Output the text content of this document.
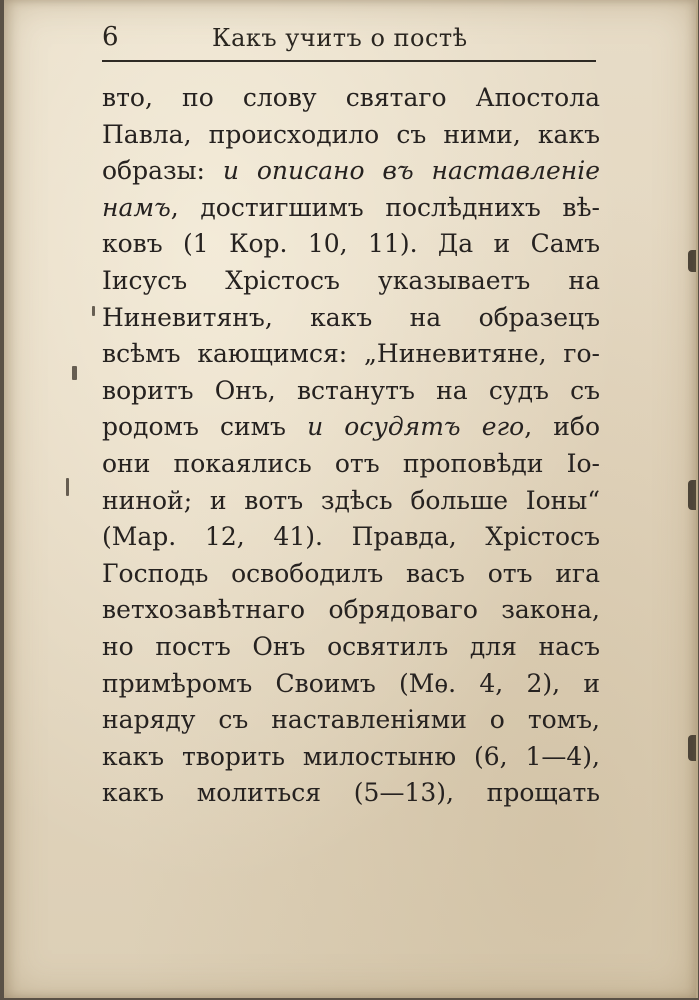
6	Какъ учитъ о постѣ
вто, по слову святаго Апостола
Павла, происходило съ ними, какъ
образы: и описано въ наставленіе
намъ, достигшимъ послѣднихъ вѣ-
ковъ (1 Кор. 10, 11). Да и Самъ
Іисусъ Хрістосъ указываетъ на
Ниневитянъ, какъ на образецъ
всѣмъ кающимся: „Ниневитяне, го-
воритъ Онъ, встанутъ на судъ съ
родомъ симъ и осудятъ его, ибо
они покаялись отъ проповѣди Іо-
ниной; и вотъ здѣсь больше Іоны“
(Мар. 12, 41). Правда, Хрістосъ
Господь освободилъ васъ отъ ига
ветхозавѣтнаго обрядоваго закона,
но постъ Онъ освятилъ для насъ
примѣромъ Своимъ (Мѳ. 4, 2), и
наряду съ наставленіями о томъ,
какъ творить милостыню (6, 1—4),
какъ молиться (5—13), прощать
